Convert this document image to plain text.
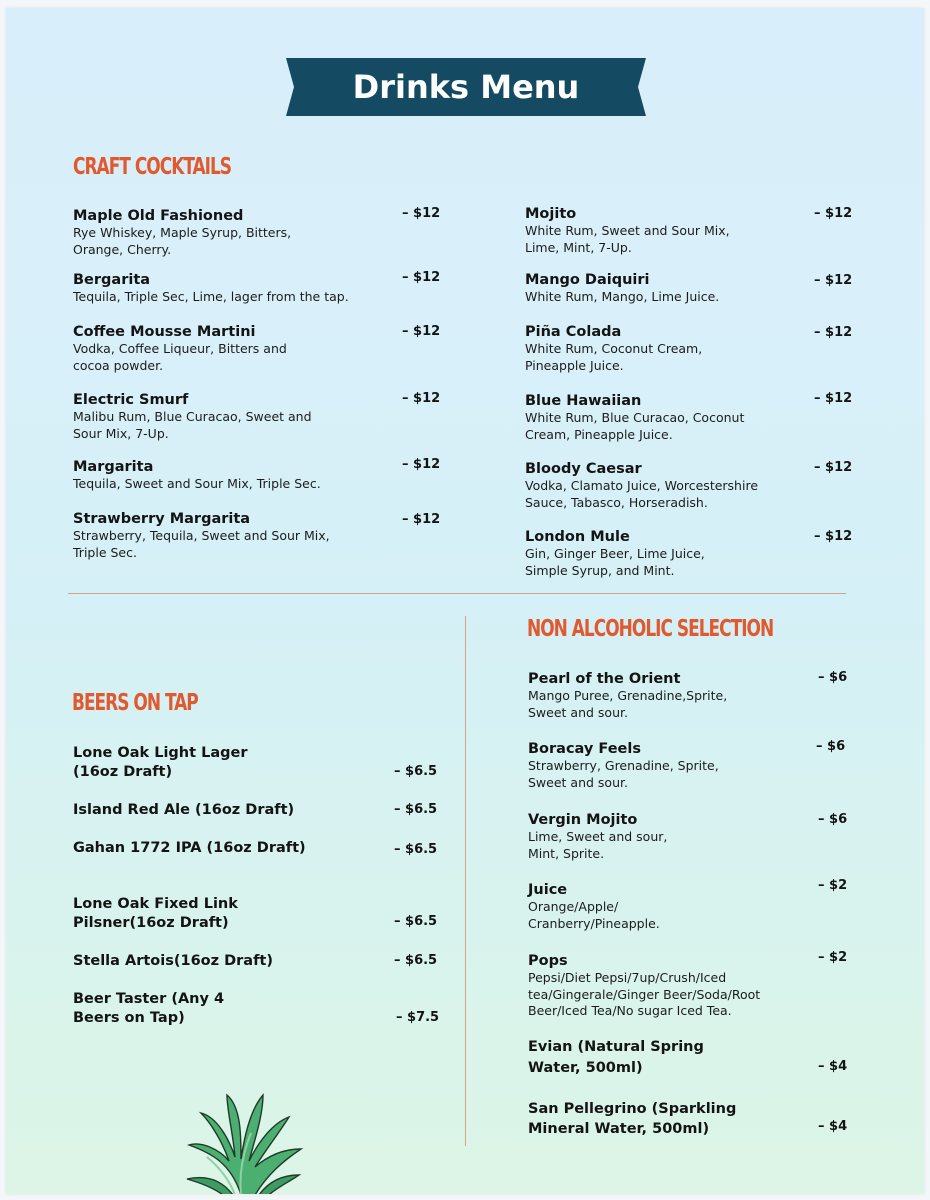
Drinks Menu
CRAFT COCKTAILS
Maple Old Fashioned
Rye Whiskey, Maple Syrup, Bitters, Orange, Cherry.
– $12
Bergarita
Tequila, Triple Sec, Lime, lager from the tap.
– $12
Coffee Mousse Martini
Vodka, Coffee Liqueur, Bitters and cocoa powder.
– $12
Electric Smurf
Malibu Rum, Blue Curacao, Sweet and Sour Mix, 7-Up.
– $12
Margarita
Tequila, Sweet and Sour Mix, Triple Sec.
– $12
Strawberry Margarita
Strawberry, Tequila, Sweet and Sour Mix, Triple Sec.
– $12
Mojito
White Rum, Sweet and Sour Mix, Lime, Mint, 7-Up.
– $12
Mango Daiquiri
White Rum, Mango, Lime Juice.
– $12
Piña Colada
White Rum, Coconut Cream, Pineapple Juice.
– $12
Blue Hawaiian
White Rum, Blue Curacao, Coconut Cream, Pineapple Juice.
– $12
Bloody Caesar
Vodka, Clamato Juice, Worcestershire Sauce, Tabasco, Horseradish.
– $12
London Mule
Gin, Ginger Beer, Lime Juice, Simple Syrup, and Mint.
– $12
BEERS ON TAP
Lone Oak Light Lager (16oz Draft)	– $6.5
Island Red Ale (16oz Draft)	– $6.5
Gahan 1772 IPA (16oz Draft)	– $6.5
Lone Oak Fixed Link Pilsner(16oz Draft)	– $6.5
Stella Artois(16oz Draft)	– $6.5
Beer Taster (Any 4 Beers on Tap)	– $7.5
NON ALCOHOLIC SELECTION
Pearl of the Orient
Mango Puree, Grenadine,Sprite, Sweet and sour.
– $6
Boracay Feels
Strawberry, Grenadine, Sprite, Sweet and sour.
– $6
Vergin Mojito
Lime, Sweet and sour, Mint, Sprite.
– $6
Juice
Orange/Apple/ Cranberry/Pineapple.
– $2
Pops
Pepsi/Diet Pepsi/7up/Crush/Iced tea/Gingerale/Ginger Beer/Soda/Root Beer/Iced Tea/No sugar Iced Tea.
– $2
Evian (Natural Spring Water, 500ml)	– $4
San Pellegrino (Sparkling Mineral Water, 500ml)	– $4
